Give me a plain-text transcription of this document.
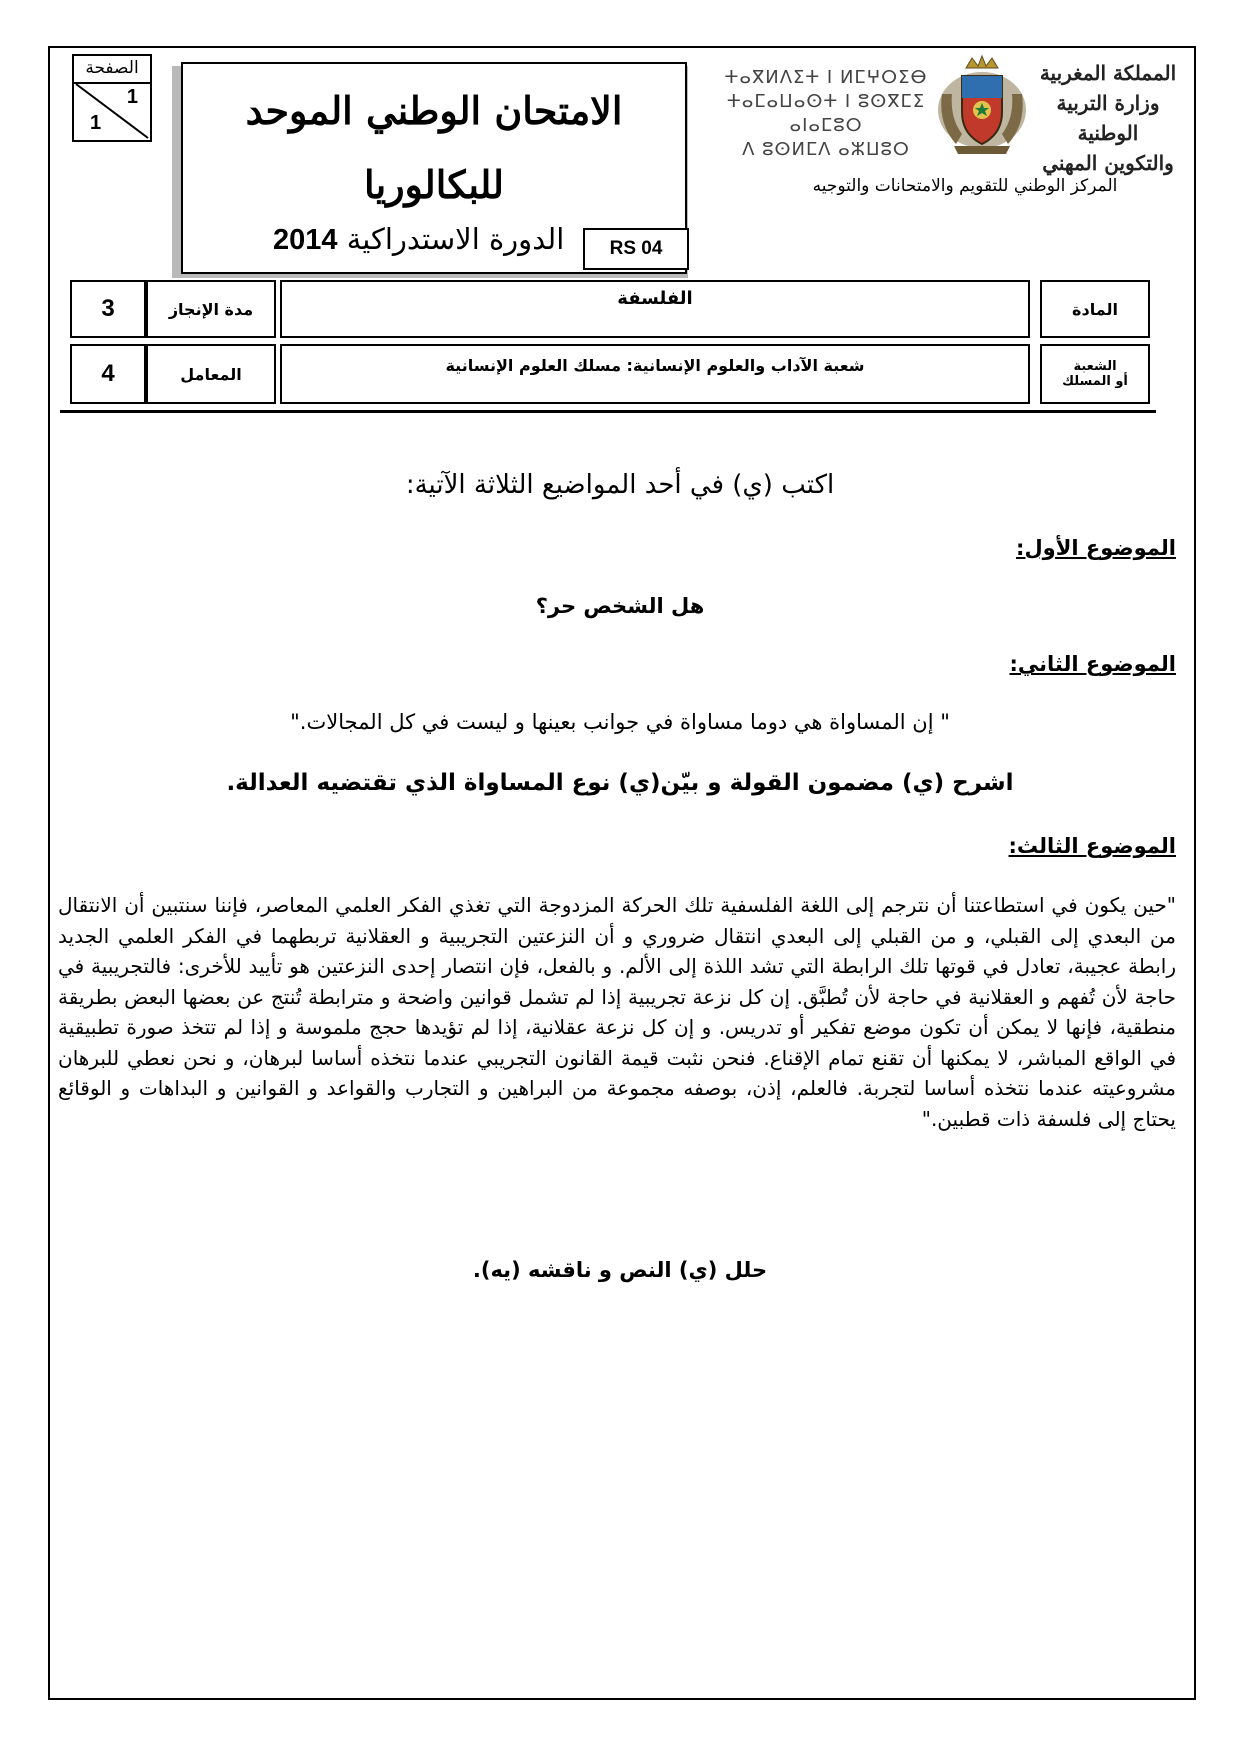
الصفحة
1
1	الامتحان الوطني الموحد
للبكالوريا
الدورة الاستدراكية 2014	RS 04
ⵜⴰⴳⵍⴷⵉⵜ ⵏ ⵍⵎⵖⵔⵉⴱ
ⵜⴰⵎⴰⵡⴰⵙⵜ ⵏ ⵓⵙⴳⵎⵉ ⴰⵏⴰⵎⵓⵔ
ⴷ ⵓⵙⵍⵎⴷ ⴰⵣⵡⵓⵔ
المملكة المغربية
وزارة التربية الوطنية
والتكوين المهني
المركز الوطني للتقويم والامتحانات والتوجيه
3	مدة الإنجاز	الفلسفة	المادة
4	المعامل	شعبة الآداب والعلوم الإنسانية: مسلك العلوم الإنسانية	الشعبة
أو المسلك
اكتب (ي) في أحد المواضيع الثلاثة الآتية:
الموضوع الأول:
هل الشخص حر؟
الموضوع الثاني:
" إن المساواة هي دوما مساواة في جوانب بعينها و ليست في كل المجالات."
اشرح (ي) مضمون القولة و بيّن(ي) نوع المساواة الذي تقتضيه العدالة.
الموضوع الثالث:
"حين يكون في استطاعتنا أن نترجم إلى اللغة الفلسفية تلك الحركة المزدوجة التي تغذي الفكر العلمي المعاصر، فإننا سنتبين أن الانتقال من البعدي إلى القبلي، و من القبلي إلى البعدي انتقال ضروري و أن النزعتين التجريبية و العقلانية تربطهما في الفكر العلمي الجديد رابطة عجيبة، تعادل في قوتها تلك الرابطة التي تشد اللذة إلى الألم. و بالفعل، فإن انتصار إحدى النزعتين هو تأييد للأخرى: فالتجريبية في حاجة لأن تُفهم و العقلانية في حاجة لأن تُطبَّق. إن كل نزعة تجريبية إذا لم تشمل قوانين واضحة و مترابطة تُنتج عن بعضها البعض بطريقة منطقية، فإنها لا يمكن أن تكون موضع تفكير أو تدريس. و إن كل نزعة عقلانية، إذا لم تؤيدها حجج ملموسة و إذا لم تتخذ صورة تطبيقية في الواقع المباشر، لا يمكنها أن تقنع تمام الإقناع. فنحن نثبت قيمة القانون التجريبي عندما نتخذه أساسا لبرهان، و نحن نعطي للبرهان مشروعيته عندما نتخذه أساسا لتجربة. فالعلم، إذن، بوصفه مجموعة من البراهين و التجارب والقواعد و القوانين و البداهات و الوقائع يحتاج إلى فلسفة ذات قطبين."
حلل (ي) النص و ناقشه (يه).
